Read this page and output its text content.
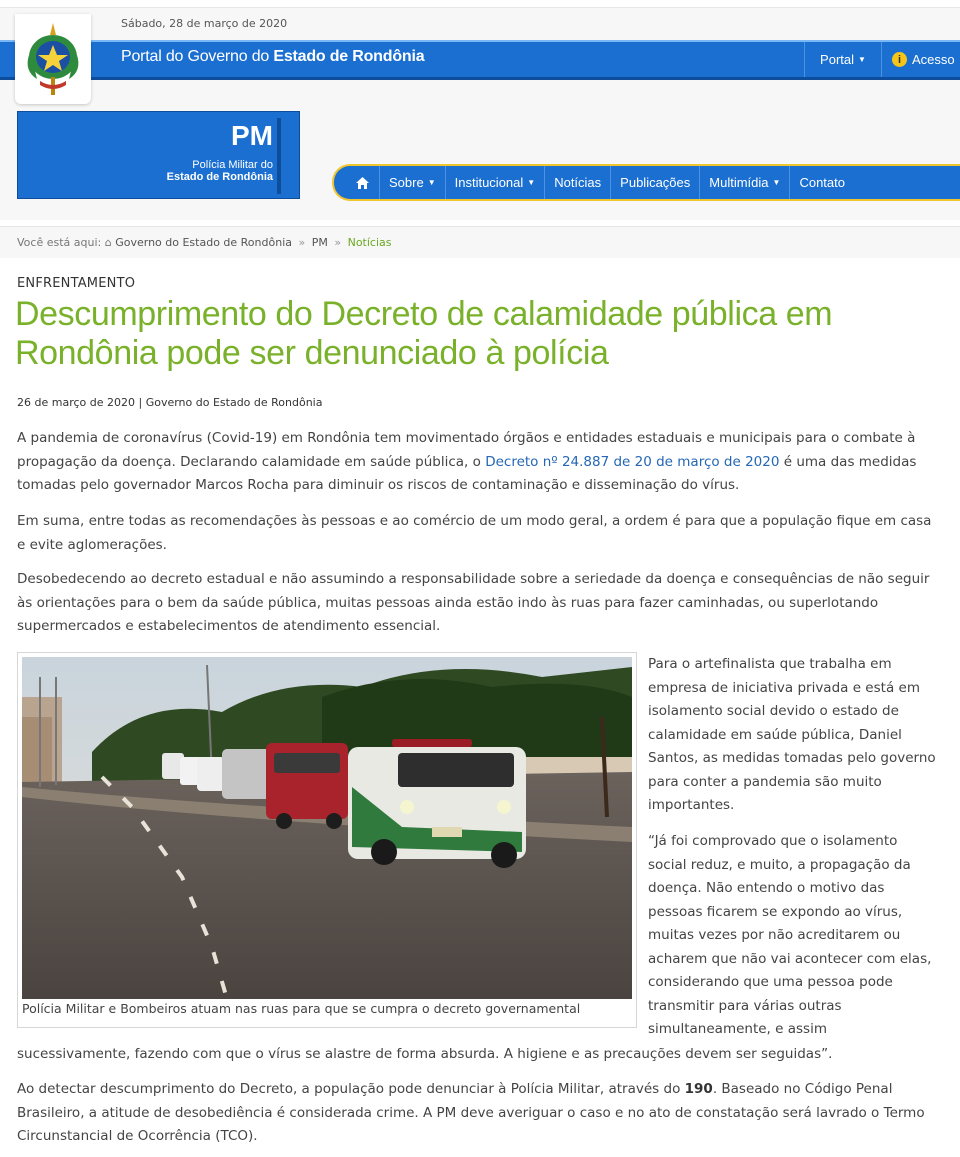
Sábado, 28 de março de 2020
Portal do Governo do Estado de Rondônia	Portal ▼	i Acesso
PM
Polícia Militar do
Estado de Rondônia	Sobre ▼ Institucional ▼ Notícias Publicações Multimídia ▼ Contato
Você está aqui: ⌂ Governo do Estado de Rondônia » PM » Notícias
ENFRENTAMENTO
Descumprimento do Decreto de calamidade pública em Rondônia pode ser denunciado à polícia
26 de março de 2020 | Governo do Estado de Rondônia

A pandemia de coronavírus (Covid-19) em Rondônia tem movimentado órgãos e entidades estaduais e municipais para o combate à propagação da doença. Declarando calamidade em saúde pública, o Decreto nº 24.887 de 20 de março de 2020 é uma das medidas tomadas pelo governador Marcos Rocha para diminuir os riscos de contaminação e disseminação do vírus.

Em suma, entre todas as recomendações às pessoas e ao comércio de um modo geral, a ordem é para que a população fique em casa e evite aglomerações.

Desobedecendo ao decreto estadual e não assumindo a responsabilidade sobre a seriedade da doença e consequências de não seguir às orientações para o bem da saúde pública, muitas pessoas ainda estão indo às ruas para fazer caminhadas, ou superlotando supermercados e estabelecimentos de atendimento essencial.

Polícia Militar e Bombeiros atuam nas ruas para que se cumpra o decreto governamental

Para o artefinalista que trabalha em empresa de iniciativa privada e está em isolamento social devido o estado de calamidade em saúde pública, Daniel Santos, as medidas tomadas pelo governo para conter a pandemia são muito importantes.

“Já foi comprovado que o isolamento social reduz, e muito, a propagação da doença. Não entendo o motivo das pessoas ficarem se expondo ao vírus, muitas vezes por não acreditarem ou acharem que não vai acontecer com elas, considerando que uma pessoa pode transmitir para várias outras simultaneamente, e assim

sucessivamente, fazendo com que o vírus se alastre de forma absurda. A higiene e as precauções devem ser seguidas”.

Ao detectar descumprimento do Decreto, a população pode denunciar à Polícia Militar, através do 190. Baseado no Código Penal Brasileiro, a atitude de desobediência é considerada crime. A PM deve averiguar o caso e no ato de constatação será lavrado o Termo Circunstancial de Ocorrência (TCO).
